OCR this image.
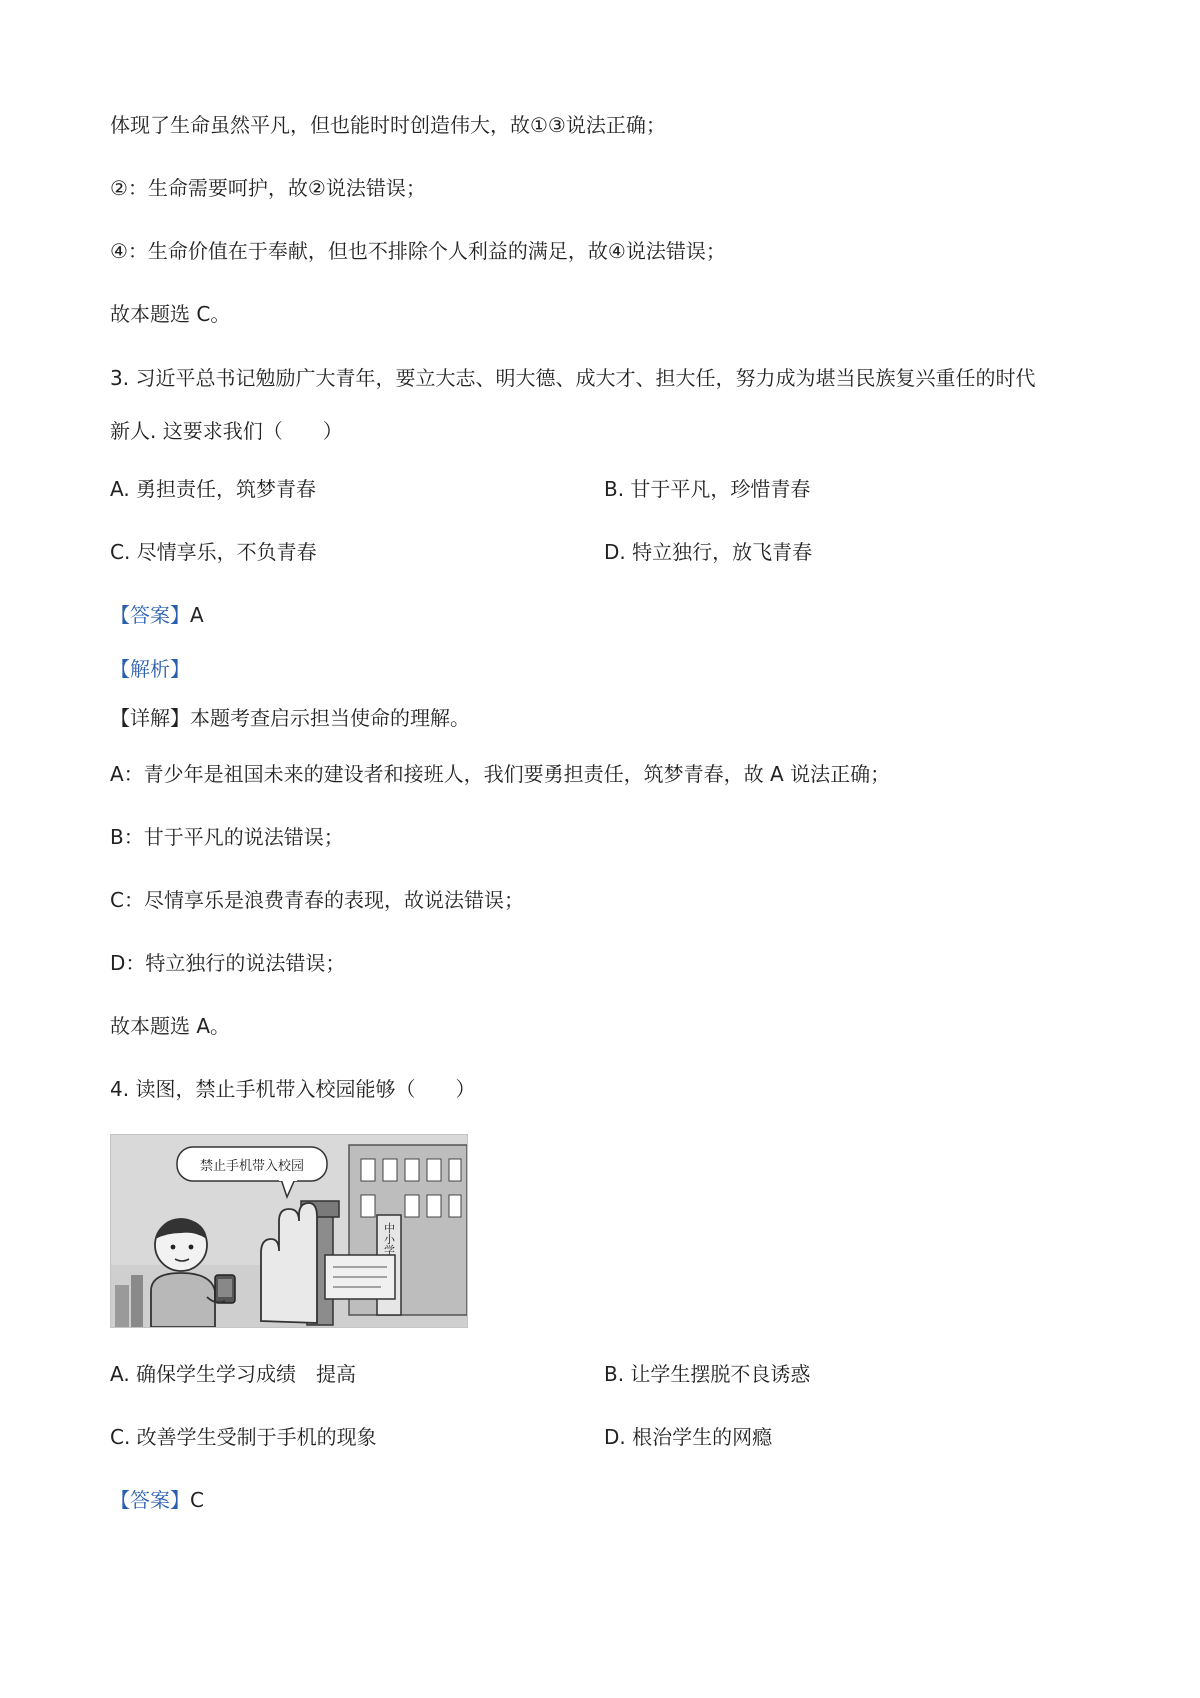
体现了生命虽然平凡，但也能时时创造伟大，故①③说法正确；
②：生命需要呵护，故②说法错误；
④：生命价值在于奉献，但也不排除个人利益的满足，故④说法错误；
故本题选 C。
3. 习近平总书记勉励广大青年，要立大志、明大德、成大才、担大任，努力成为堪当民族复兴重任的时代
新人. 这要求我们（　　）
A. 勇担责任，筑梦青春	B. 甘于平凡，珍惜青春
C. 尽情享乐，不负青春	D. 特立独行，放飞青春
【答案】A
【解析】
【详解】本题考查启示担当使命的理解。
A：青少年是祖国未来的建设者和接班人，我们要勇担责任，筑梦青春，故 A 说法正确；
B：甘于平凡的说法错误；
C：尽情享乐是浪费青春的表现，故说法错误；
D：特立独行的说法错误；
故本题选 A。
4. 读图，禁止手机带入校园能够（　　）
中小学
禁止手机带入校园
A. 确保学生学习成绩　提高	B. 让学生摆脱不良诱惑
C. 改善学生受制于手机的现象	D. 根治学生的网瘾
【答案】C
